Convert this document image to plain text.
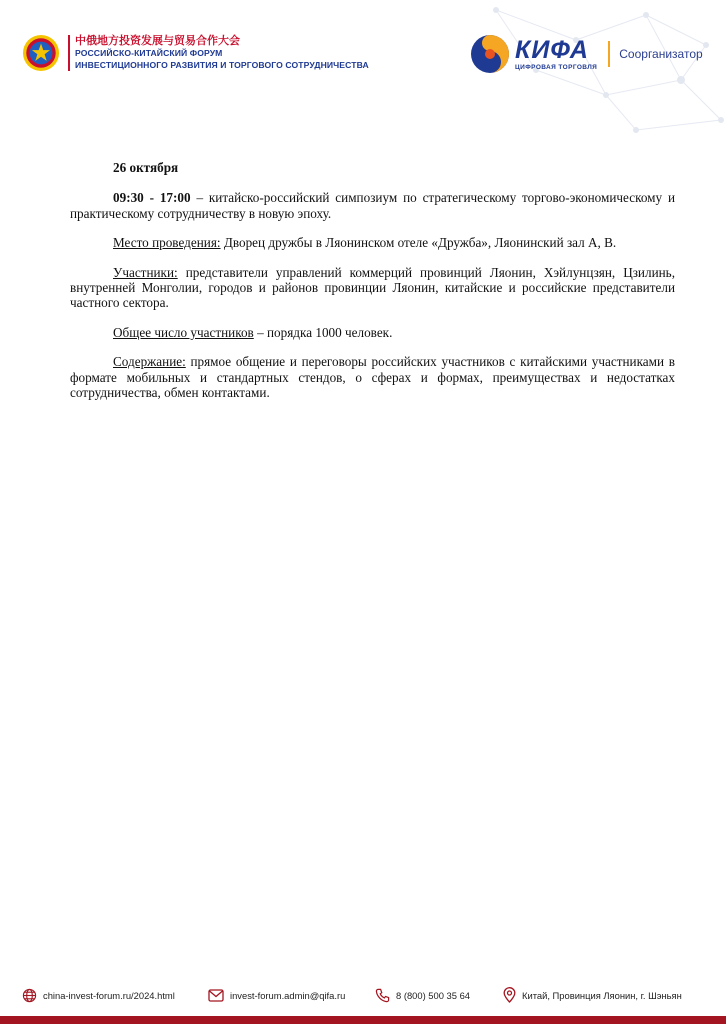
中俄地方投资发展与贸易合作大会
РОССИЙСКО-КИТАЙСКИЙ ФОРУМ
ИНВЕСТИЦИОННОГО РАЗВИТИЯ И ТОРГОВОГО СОТРУДНИЧЕСТВА
КИФА
ЦИФРОВАЯ ТОРГОВЛЯ
Соорганизатор

26 октября

09:30 - 17:00 – китайско-российский симпозиум по стратегическому торгово-экономическому и практическому сотрудничеству в новую эпоху.

Место проведения: Дворец дружбы в Ляонинском отеле «Дружба», Ляонинский зал А, В.

Участники: представители управлений коммерций провинций Ляонин, Хэйлунцзян, Цзилинь, внутренней Монголии, городов и районов провинции Ляонин, китайские и российские представители частного сектора.

Общее число участников – порядка 1000 человек.

Содержание: прямое общение и переговоры российских участников с китайскими участниками в формате мобильных и стандартных стендов, о сферах и формах, преимуществах и недостатках сотрудничества, обмен контактами.

china-invest-forum.ru/2024.html	invest-forum.admin@qifa.ru	8 (800) 500 35 64	Китай, Провинция Ляонин, г. Шэньян
